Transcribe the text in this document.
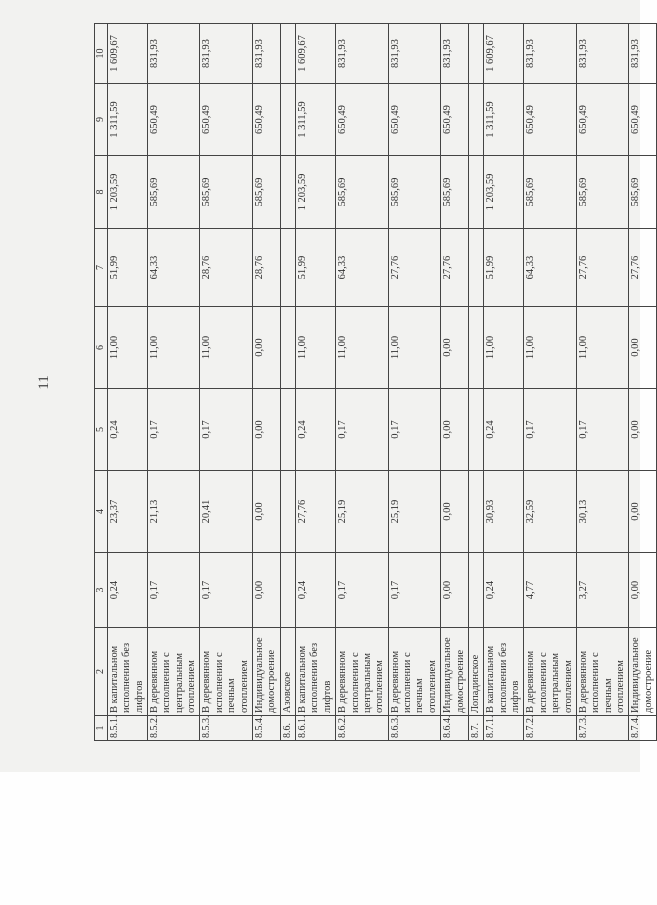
11
1	2	3	4	5	6	7	8	9	10
8.5.1.	В капитальном исполнении без лифтов	0,24	23,37	0,24	11,00	51,99	1 203,59	1 311,59	1 609,67
8.5.2.	В деревянном исполнении с центральным отоплением	0,17	21,13	0,17	11,00	64,33	585,69	650,49	831,93
8.5.3.	В деревянном исполнении с печным отоплением	0,17	20,41	0,17	11,00	28,76	585,69	650,49	831,93
8.5.4.	Индивидуальное домостроение	0,00	0,00	0,00	0,00	28,76	585,69	650,49	831,93
8.6.	Азовское								
8.6.1.	В капитальном исполнении без лифтов	0,24	27,76	0,24	11,00	51,99	1 203,59	1 311,59	1 609,67
8.6.2.	В деревянном исполнении с центральным отоплением	0,17	25,19	0,17	11,00	64,33	585,69	650,49	831,93
8.6.3.	В деревянном исполнении с печным отоплением	0,17	25,19	0,17	11,00	27,76	585,69	650,49	831,93
8.6.4.	Индивидуальное домостроение	0,00	0,00	0,00	0,00	27,76	585,69	650,49	831,93
8.7.	Лопадинское								
8.7.1.	В капитальном исполнении без лифтов	0,24	30,93	0,24	11,00	51,99	1 203,59	1 311,59	1 609,67
8.7.2.	В деревянном исполнении с центральным отоплением	4,77	32,59	0,17	11,00	64,33	585,69	650,49	831,93
8.7.3.	В деревянном исполнении с печным отоплением	3,27	30,13	0,17	11,00	27,76	585,69	650,49	831,93
8.7.4.	Индивидуальное домостроение	0,00	0,00	0,00	0,00	27,76	585,69	650,49	831,93
